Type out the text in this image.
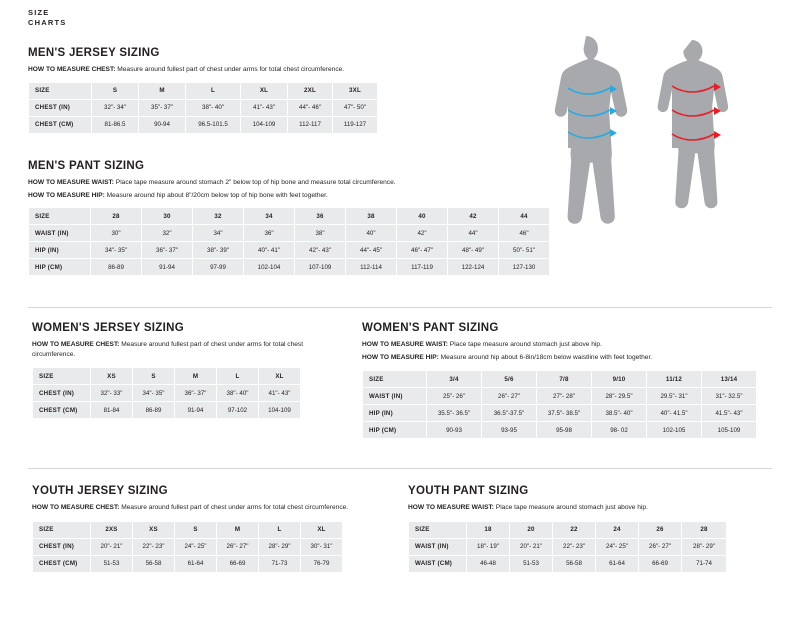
SIZE
CHARTS
MEN'S JERSEY SIZING

HOW TO MEASURE CHEST: Measure around fullest part of chest under arms for total chest circumference.

SIZE	S	M	L	XL	2XL	3XL
CHEST (IN)	32"- 34"	35"- 37"	38"- 40"	41"- 43"	44"- 46"	47"- 50"
CHEST (CM)	81-86.5	90-94	96.5-101.5	104-109	112-117	119-127
MEN'S PANT SIZING

HOW TO MEASURE WAIST: Place tape measure around stomach 2" below top of hip bone and measure total circumference.

HOW TO MEASURE HIP: Measure around hip about 8"/20cm below top of hip bone with feet together.

SIZE	28	30	32	34	36	38	40	42	44
WAIST (IN)	30"	32"	34"	36"	38"	40"	42"	44"	46"
HIP (IN)	34"- 35"	36"- 37"	38"- 39"	40"- 41"	42"- 43"	44"- 45"	46"- 47"	48"- 49"	50"- 51"
HIP (CM)	86-89	91-94	97-99	102-104	107-109	112-114	117-119	122-124	127-130
WOMEN'S JERSEY SIZING

HOW TO MEASURE CHEST: Measure around fullest part of chest under arms for total chest circumference.

SIZE	XS	S	M	L	XL
CHEST (IN)	32"- 33"	34"- 35"	36"- 37"	38"- 40"	41"- 43"
CHEST (CM)	81-84	86-89	91-94	97-102	104-109
WOMEN'S PANT SIZING

HOW TO MEASURE WAIST: Place tape measure around stomach just above hip.

HOW TO MEASURE HIP: Measure around hip about 6-8in/18cm below waistline with feet together.

SIZE	3/4	5/6	7/8	9/10	11/12	13/14
WAIST (IN)	25"- 26"	26"- 27"	27"- 28"	28"- 29.5"	29.5"- 31"	31"- 32.5"
HIP (IN)	35.5"- 36.5"	36.5"-37.5"	37.5"- 38.5"	38.5"- 40"	40"- 41.5"	41.5"- 43"
HIP (CM)	90-93	93-95	95-98	98- 02	102-105	105-109
YOUTH JERSEY SIZING

HOW TO MEASURE CHEST: Measure around fullest part of chest under arms for total chest circumference.

SIZE	2XS	XS	S	M	L	XL
CHEST (IN)	20"- 21"	22"- 23"	24"- 25"	26"- 27"	28"- 29"	30"- 31"
CHEST (CM)	51-53	56-58	61-64	66-69	71-73	76-79
YOUTH PANT SIZING

HOW TO MEASURE WAIST: Place tape measure around stomach just above hip.

SIZE	18	20	22	24	26	28
WAIST (IN)	18"- 19"	20"- 21"	22"- 23"	24"- 25"	26"- 27"	28"- 29"
WAIST (CM)	46-48	51-53	56-58	61-64	66-69	71-74
